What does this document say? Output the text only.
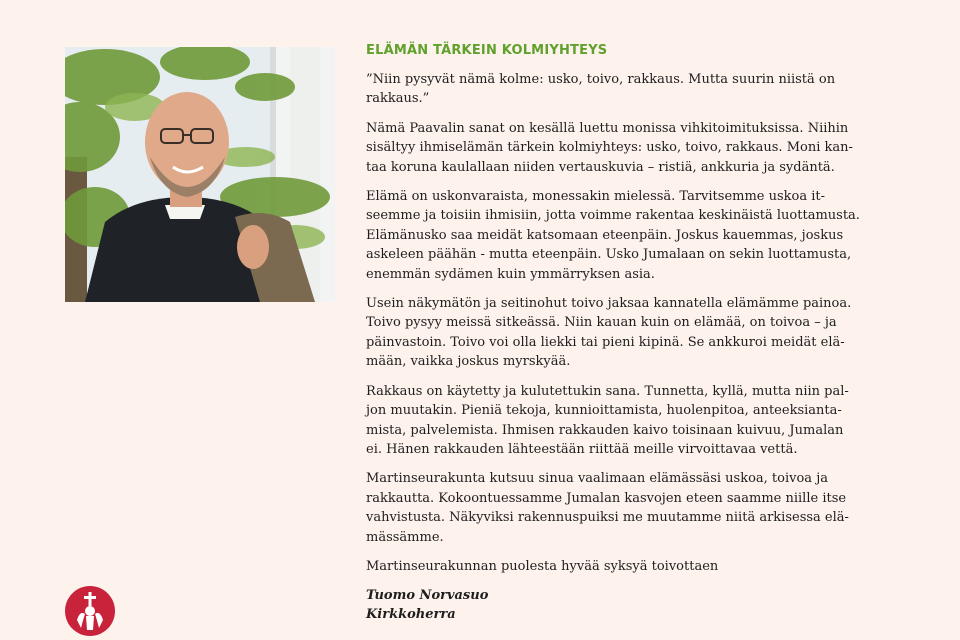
ELÄMÄN TÄRKEIN KOLMIYHTEYS

”Niin pysyvät nämä kolme: usko, toivo, rakkaus. Mutta suurin niistä on
rakkaus.”

Nämä Paavalin sanat on kesällä luettu monissa vihkitoimituksissa. Niihin
sisältyy ihmiselämän tärkein kolmiyhteys: usko, toivo, rakkaus. Moni kan-
taa koruna kaulallaan niiden vertauskuvia – ristiä, ankkuria ja sydäntä.

Elämä on uskonvaraista, monessakin mielessä. Tarvitsemme uskoa it-
seemme ja toisiin ihmisiin, jotta voimme rakentaa keskinäistä luottamusta.
Elämänusko saa meidät katsomaan eteenpäin. Joskus kauemmas, joskus
askeleen päähän - mutta eteenpäin. Usko Jumalaan on sekin luottamusta,
enemmän sydämen kuin ymmärryksen asia.

Usein näkymätön ja seitinohut toivo jaksaa kannatella elämämme painoa.
Toivo pysyy meissä sitkeässä. Niin kauan kuin on elämää, on toivoa – ja
päinvastoin. Toivo voi olla liekki tai pieni kipinä. Se ankkuroi meidät elä-
mään, vaikka joskus myrskyää.

Rakkaus on käytetty ja kulutettukin sana. Tunnetta, kyllä, mutta niin pal-
jon muutakin. Pieniä tekoja, kunnioittamista, huolenpitoa, anteeksianta-
mista, palvelemista. Ihmisen rakkauden kaivo toisinaan kuivuu, Jumalan
ei. Hänen rakkauden lähteestään riittää meille virvoittavaa vettä.

Martinseurakunta kutsuu sinua vaalimaan elämässäsi uskoa, toivoa ja
rakkautta. Kokoontuessamme Jumalan kasvojen eteen saamme niille itse
vahvistusta. Näkyviksi rakennuspuiksi me muutamme niitä arkisessa elä-
mässämme.

Martinseurakunnan puolesta hyvää syksyä toivottaen

Tuomo Norvasuo
Kirkkoherra
